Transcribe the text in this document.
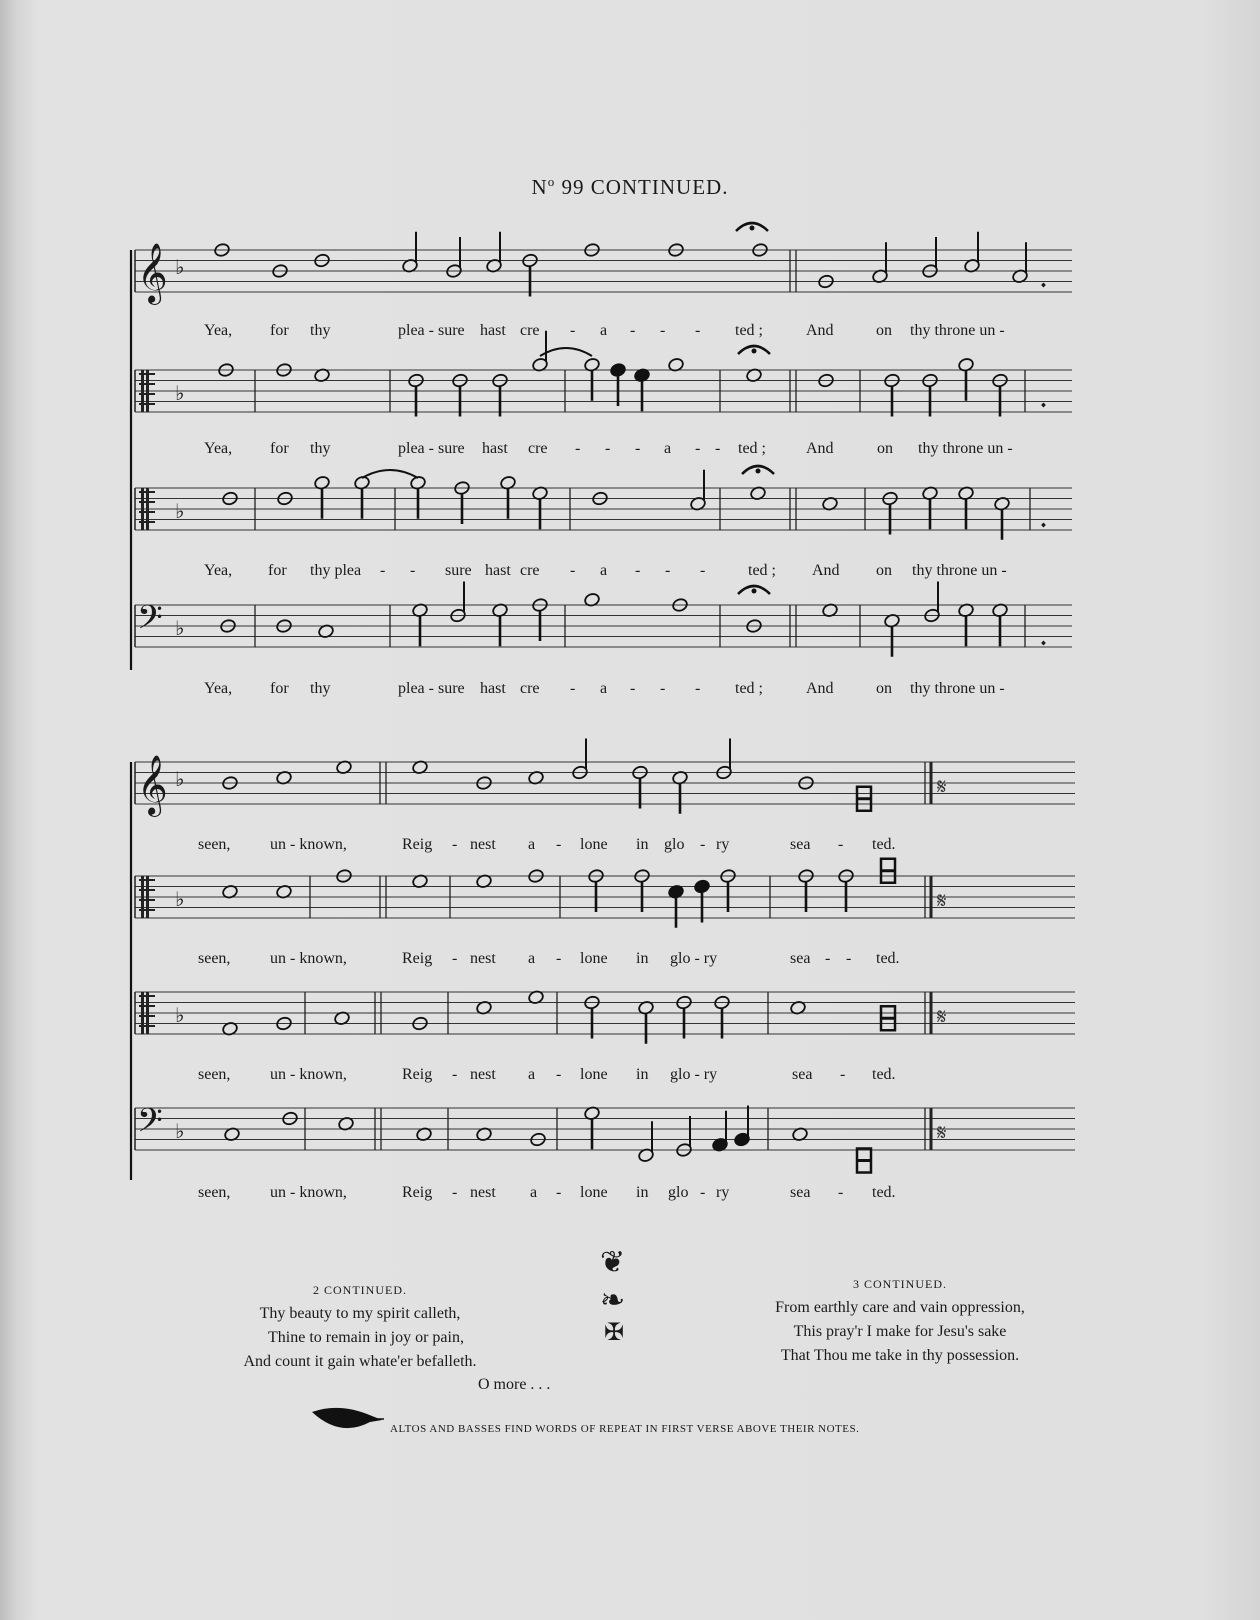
$N^o$ 99 CONTINUED.
𝄞 ♭
♭
♭
𝄢 ♭
𝄋
𝄞 ♭
𝄋
♭
𝄋
♭
𝄋
𝄢 ♭
𝆺
𝆺
𝆺
𝆺
❦
❧
✠
Yea, for thy	plea - sure hast cre - a - - - ted ;	And	on thy throne un -
Yea, for thy	plea - sure hast cre - - - a - - ted ;	And	on thy throne un -
Yea, for thy plea - - sure hast cre - a - - -	ted ; And on thy throne un -
Yea, for thy	plea - sure hast cre - a - - - ted ;	And	on thy throne un -
seen, un - known,	Reig - nest a - lone in glo - ry	sea - ted.
seen, un - known,	Reig - nest a - lone in glo - ry	sea - - ted.
seen, un - known,	Reig - nest a - lone in glo - ry	sea - ted.
seen, un - known,	Reig - nest a - lone in glo - ry	sea - ted.
2 CONTINUED.
Thy beauty to my spirit calleth,
Thine to remain in joy or pain,
And count it gain whate'er befalleth.
3 CONTINUED.
From earthly care and vain oppression,
This pray'r I make for Jesu's sake
That Thou me take in thy possession.
O more . . .
ALTOS AND BASSES FIND WORDS OF REPEAT IN FIRST VERSE ABOVE THEIR NOTES.
